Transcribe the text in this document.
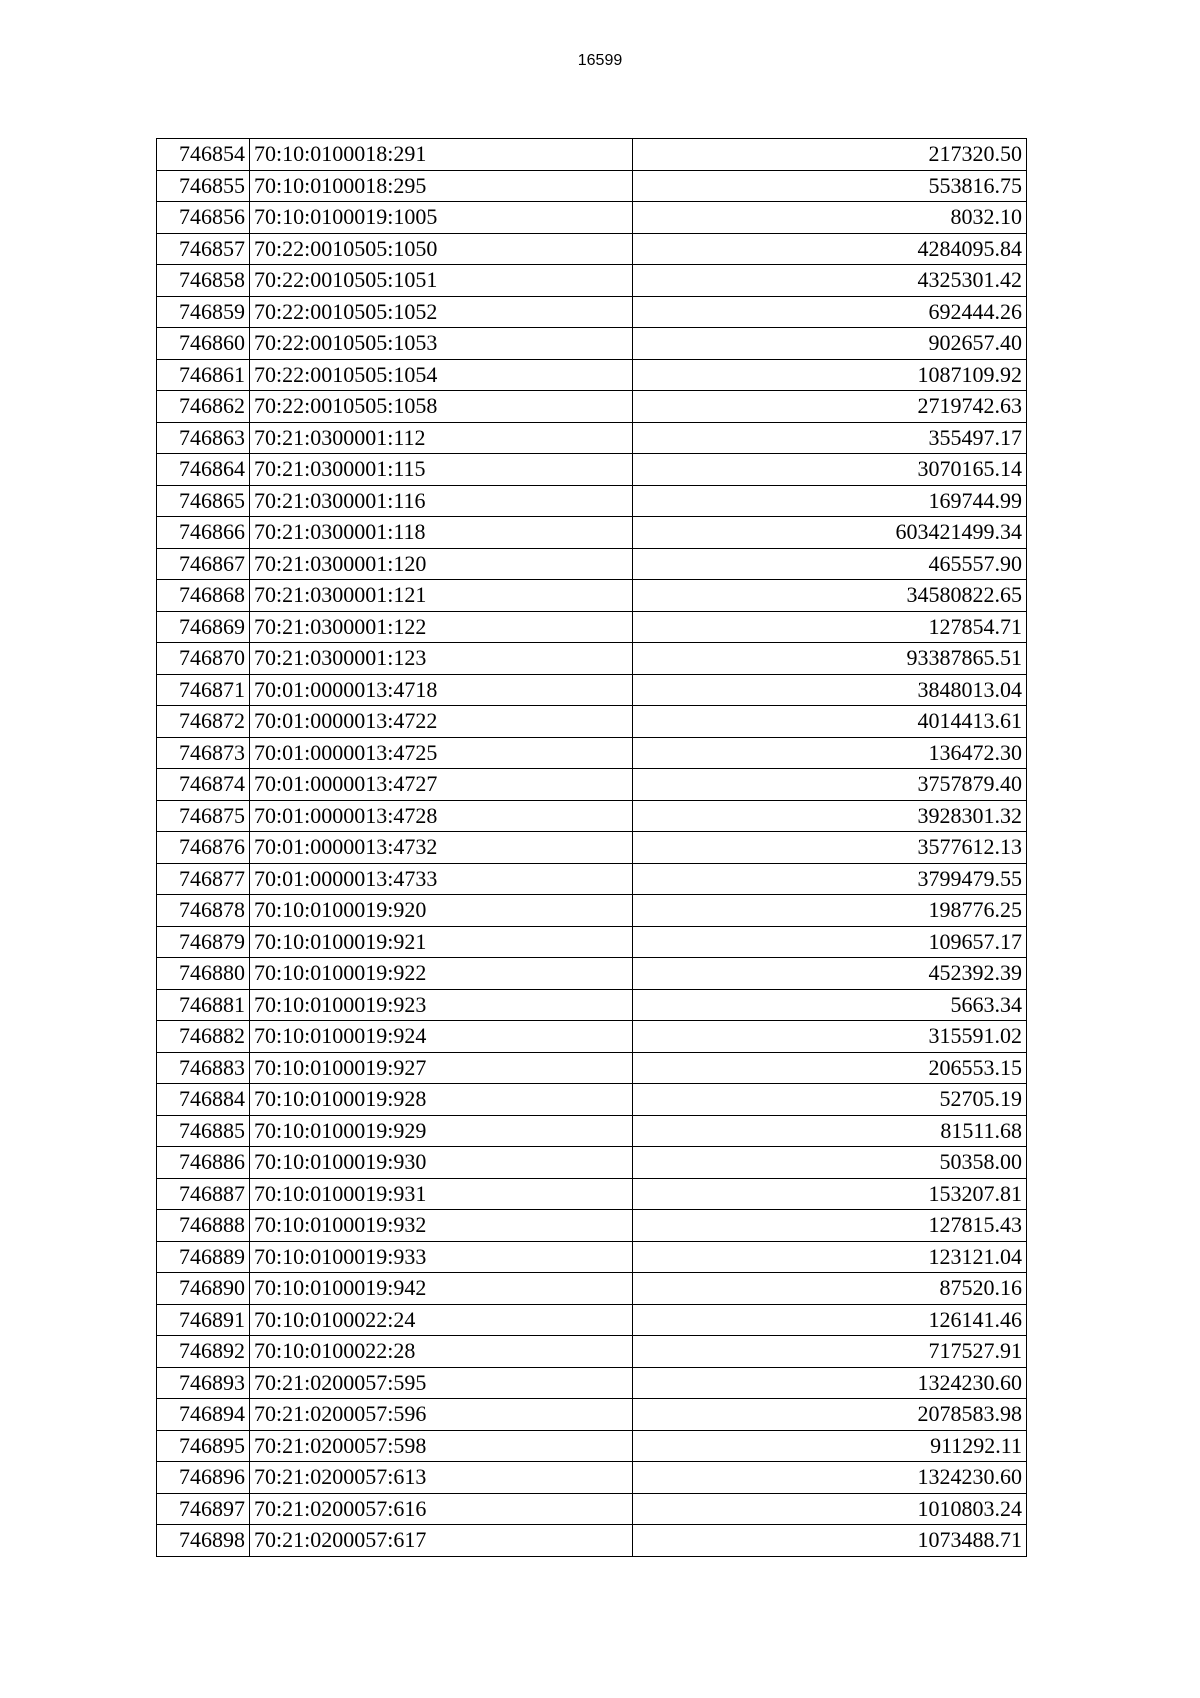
16599
746854	70:10:0100018:291	217320.50
746855	70:10:0100018:295	553816.75
746856	70:10:0100019:1005	8032.10
746857	70:22:0010505:1050	4284095.84
746858	70:22:0010505:1051	4325301.42
746859	70:22:0010505:1052	692444.26
746860	70:22:0010505:1053	902657.40
746861	70:22:0010505:1054	1087109.92
746862	70:22:0010505:1058	2719742.63
746863	70:21:0300001:112	355497.17
746864	70:21:0300001:115	3070165.14
746865	70:21:0300001:116	169744.99
746866	70:21:0300001:118	603421499.34
746867	70:21:0300001:120	465557.90
746868	70:21:0300001:121	34580822.65
746869	70:21:0300001:122	127854.71
746870	70:21:0300001:123	93387865.51
746871	70:01:0000013:4718	3848013.04
746872	70:01:0000013:4722	4014413.61
746873	70:01:0000013:4725	136472.30
746874	70:01:0000013:4727	3757879.40
746875	70:01:0000013:4728	3928301.32
746876	70:01:0000013:4732	3577612.13
746877	70:01:0000013:4733	3799479.55
746878	70:10:0100019:920	198776.25
746879	70:10:0100019:921	109657.17
746880	70:10:0100019:922	452392.39
746881	70:10:0100019:923	5663.34
746882	70:10:0100019:924	315591.02
746883	70:10:0100019:927	206553.15
746884	70:10:0100019:928	52705.19
746885	70:10:0100019:929	81511.68
746886	70:10:0100019:930	50358.00
746887	70:10:0100019:931	153207.81
746888	70:10:0100019:932	127815.43
746889	70:10:0100019:933	123121.04
746890	70:10:0100019:942	87520.16
746891	70:10:0100022:24	126141.46
746892	70:10:0100022:28	717527.91
746893	70:21:0200057:595	1324230.60
746894	70:21:0200057:596	2078583.98
746895	70:21:0200057:598	911292.11
746896	70:21:0200057:613	1324230.60
746897	70:21:0200057:616	1010803.24
746898	70:21:0200057:617	1073488.71
